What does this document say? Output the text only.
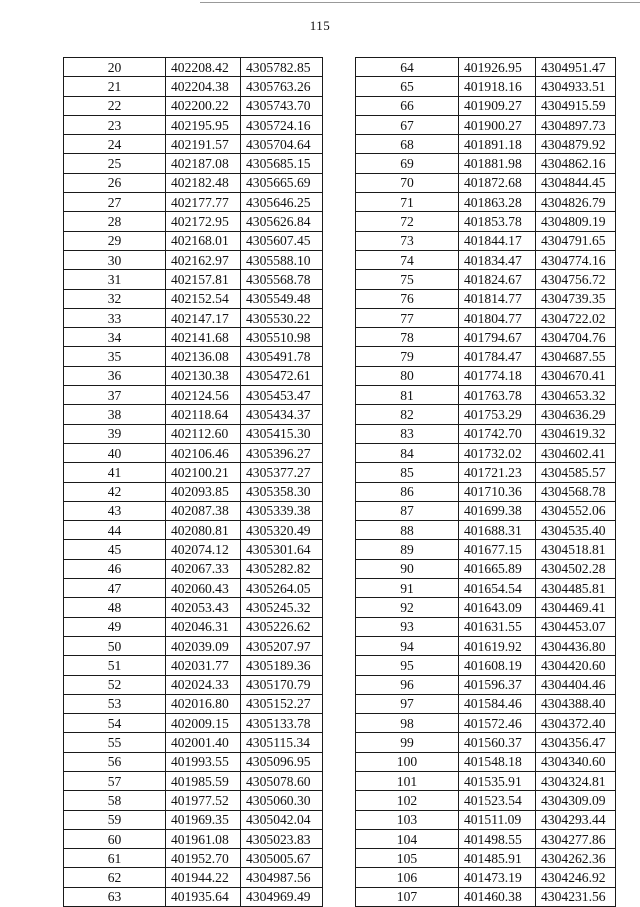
115
20	402208.42	4305782.85
21	402204.38	4305763.26
22	402200.22	4305743.70
23	402195.95	4305724.16
24	402191.57	4305704.64
25	402187.08	4305685.15
26	402182.48	4305665.69
27	402177.77	4305646.25
28	402172.95	4305626.84
29	402168.01	4305607.45
30	402162.97	4305588.10
31	402157.81	4305568.78
32	402152.54	4305549.48
33	402147.17	4305530.22
34	402141.68	4305510.98
35	402136.08	4305491.78
36	402130.38	4305472.61
37	402124.56	4305453.47
38	402118.64	4305434.37
39	402112.60	4305415.30
40	402106.46	4305396.27
41	402100.21	4305377.27
42	402093.85	4305358.30
43	402087.38	4305339.38
44	402080.81	4305320.49
45	402074.12	4305301.64
46	402067.33	4305282.82
47	402060.43	4305264.05
48	402053.43	4305245.32
49	402046.31	4305226.62
50	402039.09	4305207.97
51	402031.77	4305189.36
52	402024.33	4305170.79
53	402016.80	4305152.27
54	402009.15	4305133.78
55	402001.40	4305115.34
56	401993.55	4305096.95
57	401985.59	4305078.60
58	401977.52	4305060.30
59	401969.35	4305042.04
60	401961.08	4305023.83
61	401952.70	4305005.67
62	401944.22	4304987.56
63	401935.64	4304969.49
64	401926.95	4304951.47
65	401918.16	4304933.51
66	401909.27	4304915.59
67	401900.27	4304897.73
68	401891.18	4304879.92
69	401881.98	4304862.16
70	401872.68	4304844.45
71	401863.28	4304826.79
72	401853.78	4304809.19
73	401844.17	4304791.65
74	401834.47	4304774.16
75	401824.67	4304756.72
76	401814.77	4304739.35
77	401804.77	4304722.02
78	401794.67	4304704.76
79	401784.47	4304687.55
80	401774.18	4304670.41
81	401763.78	4304653.32
82	401753.29	4304636.29
83	401742.70	4304619.32
84	401732.02	4304602.41
85	401721.23	4304585.57
86	401710.36	4304568.78
87	401699.38	4304552.06
88	401688.31	4304535.40
89	401677.15	4304518.81
90	401665.89	4304502.28
91	401654.54	4304485.81
92	401643.09	4304469.41
93	401631.55	4304453.07
94	401619.92	4304436.80
95	401608.19	4304420.60
96	401596.37	4304404.46
97	401584.46	4304388.40
98	401572.46	4304372.40
99	401560.37	4304356.47
100	401548.18	4304340.60
101	401535.91	4304324.81
102	401523.54	4304309.09
103	401511.09	4304293.44
104	401498.55	4304277.86
105	401485.91	4304262.36
106	401473.19	4304246.92
107	401460.38	4304231.56
